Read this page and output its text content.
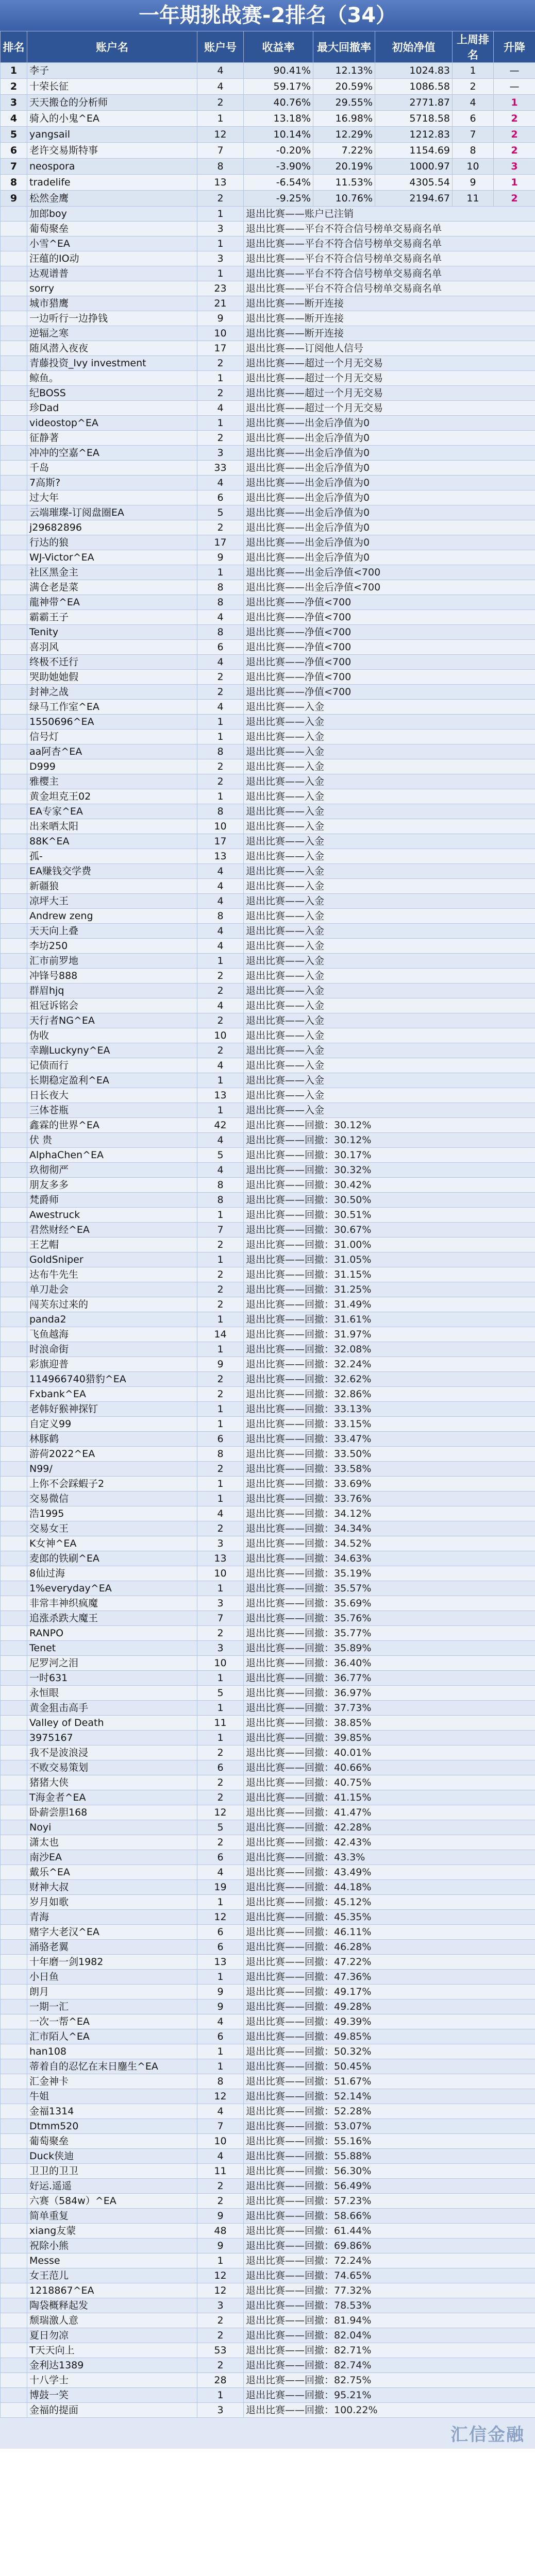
一年期挑战赛-2排名（34）
排名	账户名	账户号	收益率	最大回撤率	初始净值	上周排名	升降
1	李子	4	90.41%	12.13%	1024.83	1	—
2	十荣长征	4	59.17%	20.59%	1086.58	2	—
3	天天搬仓的分析师	2	40.76%	29.55%	2771.87	4	1
4	骑入的小鬼^EA	1	13.18%	16.98%	5718.58	6	2
5	yangsail	12	10.14%	12.29%	1212.83	7	2
6	老许交易斯特事	7	-0.20%	7.22%	1154.69	8	2
7	neospora	8	-3.90%	20.19%	1000.97	10	3
8	tradelife	13	-6.54%	11.53%	4305.54	9	1
9	松然金鹰	2	-9.25%	10.76%	2194.67	11	2
	加郎boy	1	退出比赛——账户已注销				
	葡萄聚垒	3	退出比赛——平台不符合信号榜单交易商名单				
	小雪^EA	1	退出比赛——平台不符合信号榜单交易商名单				
	汪蕴的IO动	3	退出比赛——平台不符合信号榜单交易商名单				
	达观谱普	1	退出比赛——平台不符合信号榜单交易商名单				
	sorry	23	退出比赛——平台不符合信号榜单交易商名单				
	城市猎鹰	21	退出比赛——断开连接				
	一边听行一边挣钱	9	退出比赛——断开连接				
	逆辐之寒	10	退出比赛——断开连接				
	随风潜入夜夜	17	退出比赛——订阅他人信号				
	青藤投资_lvy investment	2	退出比赛——超过一个月无交易				
	鲸鱼。	1	退出比赛——超过一个月无交易				
	纪BOSS	2	退出比赛——超过一个月无交易				
	珍Dad	4	退出比赛——超过一个月无交易				
	videostop^EA	1	退出比赛——出金后净值为0				
	征静著	2	退出比赛——出金后净值为0				
	冲冲的空嘉^EA	3	退出比赛——出金后净值为0				
	千岛	33	退出比赛——出金后净值为0				
	7高斯?	4	退出比赛——出金后净值为0				
	过大年	6	退出比赛——出金后净值为0				
	云端璀璨-订阅盘圈EA	5	退出比赛——出金后净值为0				
	j29682896	2	退出比赛——出金后净值为0				
	行达的狼	17	退出比赛——出金后净值为0				
	WJ-Victor^EA	9	退出比赛——出金后净值为0				
	社区黑金主	1	退出比赛——出金后净值<700				
	满仓老是菜	8	退出比赛——出金后净值<700				
	龍神带^EA	8	退出比赛——净值<700				
	霸霸王子	4	退出比赛——净值<700				
	Tenity	8	退出比赛——净值<700				
	喜羽风	6	退出比赛——净值<700				
	终极不迁行	4	退出比赛——净值<700				
	哭助她她假	2	退出比赛——净值<700				
	封神之战	2	退出比赛——净值<700				
	绿马工作室^EA	4	退出比赛——入金				
	1550696^EA	1	退出比赛——入金				
	信号灯	1	退出比赛——入金				
	aa阿杏^EA	8	退出比赛——入金				
	D999	2	退出比赛——入金				
	雅樱主	2	退出比赛——入金				
	黄金坦克王02	1	退出比赛——入金				
	EA专家^EA	8	退出比赛——入金				
	出来晒太阳	10	退出比赛——入金				
	88K^EA	17	退出比赛——入金				
	孤-	13	退出比赛——入金				
	EA赚钱交学费	4	退出比赛——入金				
	新疆狼	4	退出比赛——入金				
	凉坪大王	4	退出比赛——入金				
	Andrew zeng	8	退出比赛——入金				
	天天向上叠	4	退出比赛——入金				
	李坊250	4	退出比赛——入金				
	汇市前罗地	1	退出比赛——入金				
	冲锋号888	2	退出比赛——入金				
	群眉hjq	2	退出比赛——入金				
	祖冠诉铭会	4	退出比赛——入金				
	天行者NG^EA	2	退出比赛——入金				
	伪收	10	退出比赛——入金				
	幸蹦Luckyny^EA	2	退出比赛——入金				
	记债而行	4	退出比赛——入金				
	长期稳定盈利^EA	1	退出比赛——入金				
	日长夜大	13	退出比赛——入金				
	三体苍瓶	1	退出比赛——入金				
	鑫霖的世界^EA	42	退出比赛——回撤：30.12%				
	伏 贵	4	退出比赛——回撤：30.12%				
	AlphaChen^EA	5	退出比赛——回撤：30.17%				
	玖彻彻严	4	退出比赛——回撤：30.32%				
	朋友多多	8	退出比赛——回撤：30.42%				
	梵爵师	8	退出比赛——回撤：30.50%				
	Awestruck	1	退出比赛——回撤：30.51%				
	君然财经^EA	7	退出比赛——回撤：30.67%				
	王艺帽	2	退出比赛——回撤：31.00%				
	GoldSniper	1	退出比赛——回撤：31.05%				
	达布牛先生	2	退出比赛——回撤：31.15%				
	单刀赴会	2	退出比赛——回撤：31.25%				
	闯芙东过来的	2	退出比赛——回撤：31.49%				
	panda2	1	退出比赛——回撤：31.61%				
	飞鱼越海	14	退出比赛——回撤：31.97%				
	时浪命街	1	退出比赛——回撤：32.08%				
	彩旗迎普	9	退出比赛——回撤：32.24%				
	114966740猎豹^EA	2	退出比赛——回撤：32.62%				
	Fxbank^EA	2	退出比赛——回撤：32.86%				
	老韩好猴神探钉	1	退出比赛——回撤：33.13%				
	自定义99	1	退出比赛——回撤：33.15%				
	林豚鹤	6	退出比赛——回撤：33.47%				
	游荷2022^EA	8	退出比赛——回撤：33.50%				
	N99/	2	退出比赛——回撤：33.58%				
	上你不会踩蝦子2	1	退出比赛——回撤：33.69%				
	交易微信	1	退出比赛——回撤：33.76%				
	浩1995	4	退出比赛——回撤：34.12%				
	交易女王	2	退出比赛——回撤：34.34%				
	K女神^EA	3	退出比赛——回撤：34.52%				
	麦郎的铁刷^EA	13	退出比赛——回撤：34.63%				
	8仙过海	10	退出比赛——回撤：35.19%				
	1%everyday^EA	1	退出比赛——回撤：35.57%				
	非常丰神织疯魔	3	退出比赛——回撤：35.69%				
	追涨杀跌大魔王	7	退出比赛——回撤：35.76%				
	RANPO	2	退出比赛——回撤：35.77%				
	Tenet	3	退出比赛——回撤：35.89%				
	尼罗河之泪	10	退出比赛——回撤：36.40%				
	一时631	1	退出比赛——回撤：36.77%				
	永恒眼	5	退出比赛——回撤：36.97%				
	黄金狙击高手	1	退出比赛——回撤：37.73%				
	Valley of Death	11	退出比赛——回撤：38.85%				
	3975167	1	退出比赛——回撤：39.85%				
	我不是波浪浸	2	退出比赛——回撤：40.01%				
	不败交易策划	6	退出比赛——回撤：40.66%				
	猪猪大侠	2	退出比赛——回撤：40.75%				
	T海金者^EA	2	退出比赛——回撤：41.15%				
	卧薪尝胆168	12	退出比赛——回撤：41.47%				
	Noyi	5	退出比赛——回撤：42.28%				
	潇太也	2	退出比赛——回撤：42.43%				
	南沙EA	6	退出比赛——回撤：43.3%				
	戴乐^EA	4	退出比赛——回撤：43.49%				
	财神大叔	19	退出比赛——回撤：44.18%				
	岁月如歌	1	退出比赛——回撤：45.12%				
	青海	12	退出比赛——回撤：45.35%				
	赌字大老汉^EA	6	退出比赛——回撤：46.11%				
	涌骆老翼	6	退出比赛——回撤：46.28%				
	十年磨一剑1982	13	退出比赛——回撤：47.22%				
	小日鱼	1	退出比赛——回撤：47.36%				
	朗月	9	退出比赛——回撤：49.17%				
	一期一汇	9	退出比赛——回撤：49.28%				
	一次一帮^EA	4	退出比赛——回撤：49.39%				
	汇市陌人^EA	6	退出比赛——回撤：49.85%				
	han108	1	退出比赛——回撤：50.32%				
	蒂着自的忍忆在末日鏖生^EA	1	退出比赛——回撤：50.45%				
	汇金神卡	8	退出比赛——回撤：51.67%				
	牛姐	12	退出比赛——回撤：52.14%				
	金福1314	4	退出比赛——回撤：52.28%				
	Dtmm520	7	退出比赛——回撤：53.07%				
	葡萄聚垒	10	退出比赛——回撤：55.16%				
	Duck侠迪	4	退出比赛——回撤：55.88%				
	卫卫的卫卫	11	退出比赛——回撤：56.30%				
	好运.遥遥	2	退出比赛——回撤：56.49%				
	六赛（584w）^EA	2	退出比赛——回撤：57.23%				
	简单重复	9	退出比赛——回撤：58.66%				
	xiang友蒙	48	退出比赛——回撤：61.44%				
	祝除小熊	9	退出比赛——回撤：69.86%				
	Messe	1	退出比赛——回撤：72.24%				
	女王范儿	12	退出比赛——回撤：74.65%				
	1218867^EA	12	退出比赛——回撤：77.32%				
	陶袋概释起发	3	退出比赛——回撤：78.53%				
	颓瑞激人意	2	退出比赛——回撤：81.94%				
	夏日勿凉	2	退出比赛——回撤：82.04%				
	T天天向上	53	退出比赛——回撤：82.71%				
	金利达1389	2	退出比赛——回撤：82.74%				
	十八学士	28	退出比赛——回撤：82.75%				
	博鼓一笑	1	退出比赛——回撤：95.21%				
	金福的提面	3	退出比赛——回撤：100.22%				
汇信金融
